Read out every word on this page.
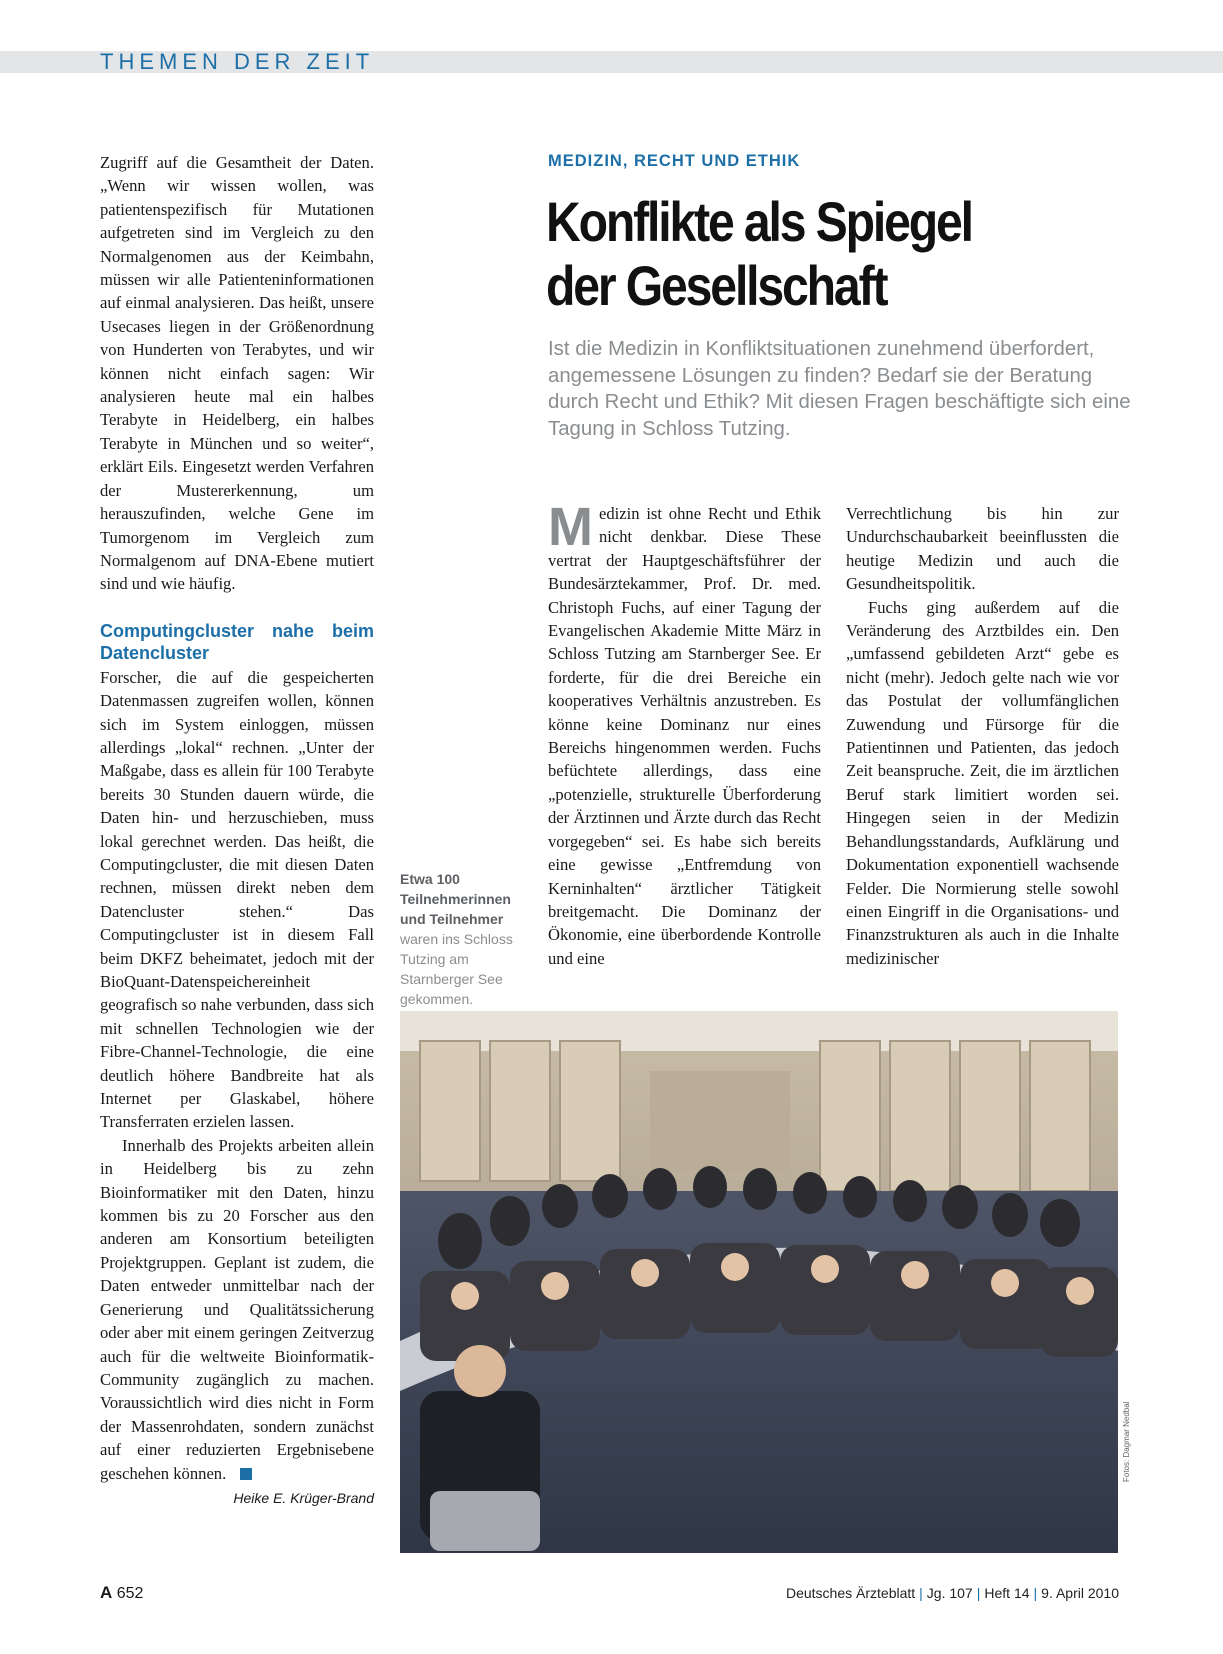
THEMEN DER ZEIT

Zugriff auf die Gesamtheit der Daten. „Wenn wir wissen wollen, was patientenspezifisch für Mutationen aufgetreten sind im Vergleich zu den Normalgenomen aus der Keimbahn, müssen wir alle Patienteninformationen auf einmal analysieren. Das heißt, unsere Usecases liegen in der Größenordnung von Hunderten von Terabytes, und wir können nicht einfach sagen: Wir analysieren heute mal ein halbes Terabyte in Heidelberg, ein halbes Terabyte in München und so weiter“, erklärt Eils. Eingesetzt werden Verfahren der Mustererkennung, um herauszufinden, welche Gene im Tumorgenom im Vergleich zum Normalgenom auf DNA-Ebene mutiert sind und wie häufig.

Computingcluster nahe beim Datencluster

Forscher, die auf die gespeicherten Datenmassen zugreifen wollen, können sich im System einloggen, müssen allerdings „lokal“ rechnen. „Unter der Maßgabe, dass es allein für 100 Terabyte bereits 30 Stunden dauern würde, die Daten hin- und herzuschieben, muss lokal gerechnet werden. Das heißt, die Computingcluster, die mit diesen Daten rechnen, müssen direkt neben dem Datencluster stehen.“ Das Computingcluster ist in diesem Fall beim DKFZ beheimatet, jedoch mit der BioQuant-Datenspeichereinheit geografisch so nahe verbunden, dass sich mit schnellen Technologien wie der Fibre-Channel-Technologie, die eine deutlich höhere Bandbreite hat als Internet per Glaskabel, höhere Transferraten erzielen lassen.

Innerhalb des Projekts arbeiten allein in Heidelberg bis zu zehn Bioinformatiker mit den Daten, hinzu kommen bis zu 20 Forscher aus den anderen am Konsortium beteiligten Projektgruppen. Geplant ist zudem, die Daten entweder unmittelbar nach der Generierung und Qualitätssicherung oder aber mit einem geringen Zeitverzug auch für die weltweite Bioinformatik-Community zugänglich zu machen. Voraussichtlich wird dies nicht in Form der Massenrohdaten, sondern zunächst auf einer reduzierten Ergebnisebene geschehen können.

Heike E. Krüger-Brand
MEDIZIN, RECHT UND ETHIK
Konflikte als Spiegel
der Gesellschaft
Ist die Medizin in Konfliktsituationen zunehmend überfordert, angemessene Lösungen zu finden? Bedarf sie der Beratung durch Recht und Ethik? Mit diesen Fragen beschäftigte sich eine Tagung in Schloss Tutzing.

Medizin ist ohne Recht und Ethik nicht denkbar. Diese These vertrat der Hauptgeschäftsführer der Bundesärztekammer, Prof. Dr. med. Christoph Fuchs, auf einer Tagung der Evangelischen Akademie Mitte März in Schloss Tutzing am Starnberger See. Er forderte, für die drei Bereiche ein kooperatives Verhältnis anzustreben. Es könne keine Dominanz nur eines Bereichs hingenommen werden. Fuchs befüchtete allerdings, dass eine „potenzielle, strukturelle Überforderung der Ärztinnen und Ärzte durch das Recht vorgegeben“ sei. Es habe sich bereits eine gewisse „Entfremdung von Kerninhalten“ ärztlicher Tätigkeit breitgemacht. Die Dominanz der Ökonomie, eine überbordende Kontrolle und eine

Verrechtlichung bis hin zur Undurchschaubarkeit beeinflussten die heutige Medizin und auch die Gesundheitspolitik.

Fuchs ging außerdem auf die Veränderung des Arztbildes ein. Den „umfassend gebildeten Arzt“ gebe es nicht (mehr). Jedoch gelte nach wie vor das Postulat der vollumfänglichen Zuwendung und Fürsorge für die Patientinnen und Patienten, das jedoch Zeit beanspruche. Zeit, die im ärztlichen Beruf stark limitiert worden sei. Hingegen seien in der Medizin Behandlungsstandards, Aufklärung und Dokumentation exponentiell wachsende Felder. Die Normierung stelle sowohl einen Eingriff in die Organisations- und Finanzstrukturen als auch in die Inhalte medizinischer

Etwa 100 Teilnehmerinnen und Teilnehmer waren ins Schloss Tutzing am Starnberger See gekommen.
Fotos: Dagmar Nedbal
A 652	Deutsches Ärzteblatt | Jg. 107 | Heft 14 | 9. April 2010
